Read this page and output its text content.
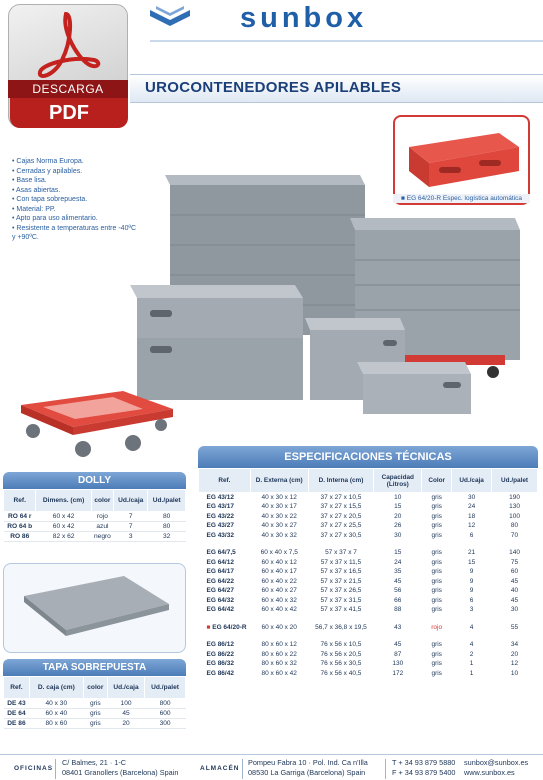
DESCARGA
PDF
sunbox
UROCONTENEDORES APILABLES
• Cajas Norma Europa.
• Cerradas y apilables.
• Base lisa.
• Asas abiertas.
• Con tapa sobrepuesta.
• Material: PP.
• Apto para uso alimentario.
• Resistente a temperaturas entre -40ºC y +90ºC.
■ EG 64/20-R Espec. logística automática
DOLLY
Ref.	Dimens. (cm)	color	Ud./caja	Ud./palet
RO 64 r	60 x 42	rojo	7	80
RO 64 b	60 x 42	azul	7	80
RO 86	82 x 62	negro	3	32
TAPA SOBREPUESTA
Ref.	D. caja (cm)	color	Ud./caja	Ud./palet
DE 43	40 x 30	gris	100	800
DE 64	60 x 40	gris	45	600
DE 86	80 x 60	gris	20	300
ESPECIFICACIONES TÉCNICAS
Ref.	D. Externa (cm)	D. Interna (cm)	Capacidad (Litros)	Color	Ud./caja	Ud./palet
EG 43/12	40 x 30 x 12	37 x 27 x 10,5	10	gris	30	190
EG 43/17	40 x 30 x 17	37 x 27 x 15,5	15	gris	24	130
EG 43/22	40 x 30 x 22	37 x 27 x 20,5	20	gris	18	100
EG 43/27	40 x 30 x 27	37 x 27 x 25,5	26	gris	12	80
EG 43/32	40 x 30 x 32	37 x 27 x 30,5	30	gris	6	70

EG 64/7,5	60 x 40 x 7,5	57 x 37 x 7	15	gris	21	140
EG 64/12	60 x 40 x 12	57 x 37 x 11,5	24	gris	15	75
EG 64/17	60 x 40 x 17	57 x 37 x 16,5	35	gris	9	60
EG 64/22	60 x 40 x 22	57 x 37 x 21,5	45	gris	9	45
EG 64/27	60 x 40 x 27	57 x 37 x 26,5	56	gris	9	40
EG 64/32	60 x 40 x 32	57 x 37 x 31,5	66	gris	6	45
EG 64/42	60 x 40 x 42	57 x 37 x 41,5	88	gris	3	30

■ EG 64/20-R	60 x 40 x 20	56,7 x 36,8 x 19,5	43	rojo	4	55

EG 86/12	80 x 60 x 12	76 x 56 x 10,5	45	gris	4	34
EG 86/22	80 x 60 x 22	76 x 56 x 20,5	87	gris	2	20
EG 86/32	80 x 60 x 32	76 x 56 x 30,5	130	gris	1	12
EG 86/42	80 x 60 x 42	76 x 56 x 40,5	172	gris	1	10
OFICINAS
C/ Balmes, 21 · 1-C
08401 Granollers (Barcelona) Spain	ALMACÉN
Pompeu Fabra 10 · Pol. Ind. Ca n'Illa
08530 La Garriga (Barcelona) Spain
T + 34 93 879 5880
F + 34 93 879 5400
sunbox@sunbox.es
www.sunbox.es
